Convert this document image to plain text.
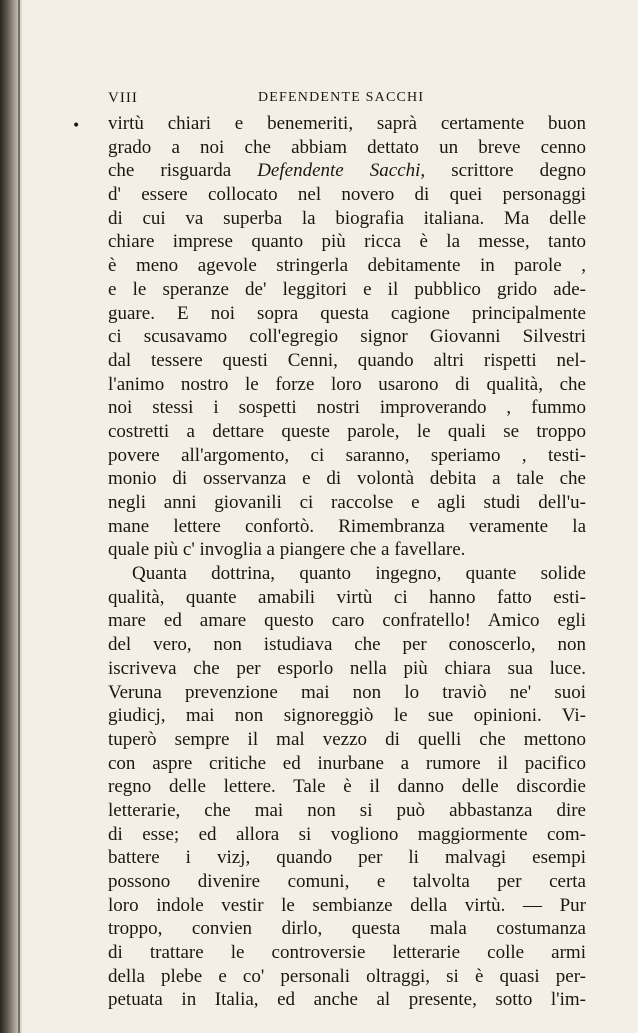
•
VIII	DEFENDENTE SACCHI
virtù chiari e benemeriti, saprà certamente buon
grado a noi che abbiam dettato un breve cenno
che risguarda Defendente Sacchi, scrittore degno
d' essere collocato nel novero di quei personaggi
di cui va superba la biografia italiana. Ma delle
chiare imprese quanto più ricca è la messe, tanto
è meno agevole stringerla debitamente in parole ,
e le speranze de' leggitori e il pubblico grido ade-
guare. E noi sopra questa cagione principalmente
ci scusavamo coll'egregio signor Giovanni Silvestri
dal tessere questi Cenni, quando altri rispetti nel-
l'animo nostro le forze loro usarono di qualità, che
noi stessi i sospetti nostri improverando , fummo
costretti a dettare queste parole, le quali se troppo
povere all'argomento, ci saranno, speriamo , testi-
monio di osservanza e di volontà debita a tale che
negli anni giovanili ci raccolse e agli studi dell'u-
mane lettere confortò. Rimembranza veramente la
quale più c' invoglia a piangere che a favellare.
Quanta dottrina, quanto ingegno, quante solide
qualità, quante amabili virtù ci hanno fatto esti-
mare ed amare questo caro confratello! Amico egli
del vero, non istudiava che per conoscerlo, non
iscriveva che per esporlo nella più chiara sua luce.
Veruna prevenzione mai non lo traviò ne' suoi
giudicj, mai non signoreggiò le sue opinioni. Vi-
tuperò sempre il mal vezzo di quelli che mettono
con aspre critiche ed inurbane a rumore il pacifico
regno delle lettere. Tale è il danno delle discordie
letterarie, che mai non si può abbastanza dire
di esse; ed allora si vogliono maggiormente com-
battere i vizj, quando per li malvagi esempi
possono divenire comuni, e talvolta per certa
loro indole vestir le sembianze della virtù. — Pur
troppo, convien dirlo, questa mala costumanza
di trattare le controversie letterarie colle armi
della plebe e co' personali oltraggi, si è quasi per-
petuata in Italia, ed anche al presente, sotto l'im-
